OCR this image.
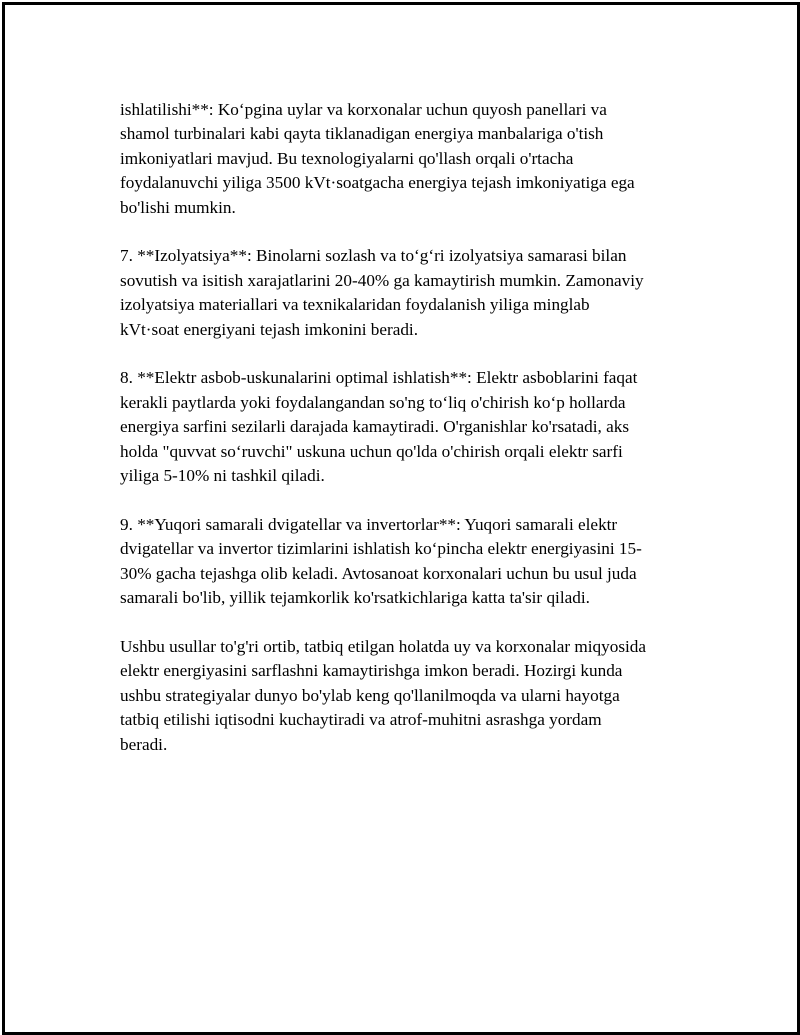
ishlatilishi**: Ko‘pgina uylar va korxonalar uchun quyosh panellari va
shamol turbinalari kabi qayta tiklanadigan energiya manbalariga o'tish
imkoniyatlari mavjud. Bu texnologiyalarni qo'llash orqali o'rtacha
foydalanuvchi yiliga 3500 kVt·soatgacha energiya tejash imkoniyatiga ega
bo'lishi mumkin.

7. **Izolyatsiya**: Binolarni sozlash va to‘g‘ri izolyatsiya samarasi bilan
sovutish va isitish xarajatlarini 20-40% ga kamaytirish mumkin. Zamonaviy
izolyatsiya materiallari va texnikalaridan foydalanish yiliga minglab
kVt·soat energiyani tejash imkonini beradi.

8. **Elektr asbob-uskunalarini optimal ishlatish**: Elektr asboblarini faqat
kerakli paytlarda yoki foydalangandan so'ng to‘liq o'chirish ko‘p hollarda
energiya sarfini sezilarli darajada kamaytiradi. O'rganishlar ko'rsatadi, aks
holda "quvvat so‘ruvchi" uskuna uchun qo'lda o'chirish orqali elektr sarfi
yiliga 5-10% ni tashkil qiladi.

9. **Yuqori samarali dvigatellar va invertorlar**: Yuqori samarali elektr
dvigatellar va invertor tizimlarini ishlatish ko‘pincha elektr energiyasini 15-
30% gacha tejashga olib keladi. Avtosanoat korxonalari uchun bu usul juda
samarali bo'lib, yillik tejamkorlik ko'rsatkichlariga katta ta'sir qiladi.

Ushbu usullar to'g'ri ortib, tatbiq etilgan holatda uy va korxonalar miqyosida
elektr energiyasini sarflashni kamaytirishga imkon beradi. Hozirgi kunda
ushbu strategiyalar dunyo bo'ylab keng qo'llanilmoqda va ularni hayotga
tatbiq etilishi iqtisodni kuchaytiradi va atrof-muhitni asrashga yordam
beradi.
